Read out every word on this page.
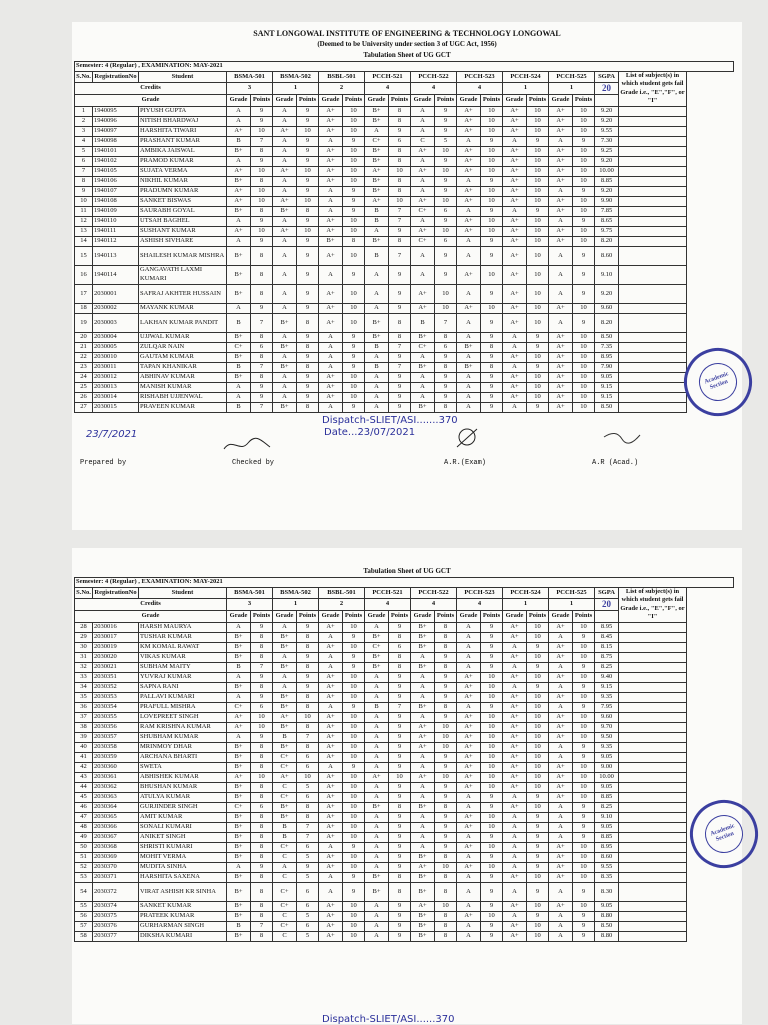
SANT LONGOWAL INSTITUTE OF ENGINEERING & TECHNOLOGY LONGOWAL
(Deemed to be University under section 3 of UGC Act, 1956)
Tabulation Sheet of UG GCT
Semester: 4 (Regular) , EXAMINATION: MAY-2021																				
S.No.	RegistrationNo	Student	BSMA-501		BSMA-502		BSBL-501		PCCH-521		PCCH-522		PCCH-523		PCCH-524		PCCH-525		SGPA	List of subject(s) in which student gets fail Grade i.e., "E","F", or "I"
Credits			3		1		2		4		4		4		1		1		20	
Grade			Grade	Points	Grade	Points	Grade	Points	Grade	Points	Grade	Points	Grade	Points	Grade	Points	Grade	Points		
1	1940095	PIYUSH GUPTA	A	9	A	9	A+	10	B+	8	A	9	A+	10	A+	10	A+	10	9.20	
2	1940096	NITISH BHARDWAJ	A	9	A	9	A+	10	B+	8	A	9	A+	10	A+	10	A+	10	9.20	
3	1940097	HARSHITA TIWARI	A+	10	A+	10	A+	10	A	9	A	9	A+	10	A+	10	A+	10	9.55	
4	1940098	PRASHANT KUMAR	B	7	A	9	A	9	C+	6	C	5	A	9	A	9	A	9	7.30	
5	1940101	AMBIKA JAISWAL	B+	8	A	9	A+	10	B+	8	A+	10	A+	10	A+	10	A+	10	9.25	
6	1940102	PRAMOD KUMAR	A	9	A	9	A+	10	B+	8	A	9	A+	10	A+	10	A+	10	9.20	
7	1940105	SUJATA VERMA	A+	10	A+	10	A+	10	A+	10	A+	10	A+	10	A+	10	A+	10	10.00	
8	1940106	NIKHIL KUMAR	B+	8	A	9	A+	10	B+	8	A	9	A	9	A+	10	A+	10	8.85	
9	1940107	PRADUMN KUMAR	A+	10	A	9	A	9	B+	8	A	9	A+	10	A+	10	A	9	9.20	
10	1940108	SANKET BISWAS	A+	10	A+	10	A	9	A+	10	A+	10	A+	10	A+	10	A+	10	9.90	
11	1940109	SAURABH GOYAL	B+	8	B+	8	A	9	B	7	C+	6	A	9	A	9	A+	10	7.85	
12	1940110	UTSAH BAGHEL	A	9	A	9	A+	10	B	7	A	9	A+	10	A+	10	A	9	8.65	
13	1940111	SUSHANT KUMAR	A+	10	A+	10	A+	10	A	9	A+	10	A+	10	A+	10	A+	10	9.75	
14	1940112	ASHISH SIVHARE	A	9	A	9	B+	8	B+	8	C+	6	A	9	A+	10	A+	10	8.20	
15	1940113	SHAILESH KUMAR MISHRA	B+	8	A	9	A+	10	B	7	A	9	A	9	A+	10	A	9	8.60	
16	1940114	GANGAVATH LAXMI KUMARI	B+	8	A	9	A	9	A	9	A	9	A+	10	A+	10	A	9	9.10	
17	2030001	SAFRAJ AKHTER HUSSAIN	B+	8	A	9	A+	10	A	9	A+	10	A	9	A+	10	A	9	9.20	
18	2030002	MAYANK KUMAR	A	9	A	9	A+	10	A	9	A+	10	A+	10	A+	10	A+	10	9.60	
19	2030003	LAKHAN KUMAR PANDIT	B	7	B+	8	A+	10	B+	8	B	7	A	9	A+	10	A	9	8.20	
20	2030004	UJJWAL KUMAR	B+	8	A	9	A	9	B+	8	B+	8	A	9	A	9	A+	10	8.50	
21	2030005	ZULQAR NAIN	C+	6	B+	8	A	9	B	7	C+	6	B+	8	A	9	A+	10	7.35	
22	2030010	GAUTAM KUMAR	B+	8	A	9	A	9	A	9	A	9	A	9	A+	10	A+	10	8.95	
23	2030011	TAPAN KHANIKAR	B	7	B+	8	A	9	B	7	B+	8	B+	8	A	9	A+	10	7.90	
24	2030012	ABHINAV KUMAR	B+	8	A	9	A+	10	A	9	A	9	A	9	A+	10	A+	10	9.05	
25	2030013	MANISH KUMAR	A	9	A	9	A+	10	A	9	A	9	A	9	A+	10	A+	10	9.15	
26	2030014	RISHABH UJJENWAL	A	9	A	9	A+	10	A	9	A	9	A	9	A+	10	A+	10	9.15	
27	2030015	PRAVEEN KUMAR	B	7	B+	8	A	9	A	9	B+	8	A	9	A	9	A+	10	8.50	
Dispatch-SLIET/ASI.......370
Date...23/07/2021
23/7/2021
Prepared by	Checked by	A.R.(Exam)	A.R (Acad.)
Academic Section
Tabulation Sheet of UG GCT
Semester: 4 (Regular) , EXAMINATION: MAY-2021																				
S.No.	RegistrationNo	Student	BSMA-501		BSMA-502		BSBL-501		PCCH-521		PCCH-522		PCCH-523		PCCH-524		PCCH-525		SGPA	List of subject(s) in which student gets fail Grade i.e., "E","F", or "I"
Credits			3		1		2		4		4		4		1		1		20	
Grade			Grade	Points	Grade	Points	Grade	Points	Grade	Points	Grade	Points	Grade	Points	Grade	Points	Grade	Points		
28	2030016	HARSH MAURYA	A	9	A	9	A+	10	A	9	B+	8	A	9	A+	10	A+	10	8.95	
29	2030017	TUSHAR KUMAR	B+	8	B+	8	A	9	B+	8	B+	8	A	9	A+	10	A	9	8.45	
30	2030019	KM KOMAL RAWAT	B+	8	B+	8	A+	10	C+	6	B+	8	A	9	A	9	A+	10	8.15	
31	2030020	VIKAS KUMAR	B+	8	A	9	A	9	B+	8	A	9	A	9	A+	10	A+	10	8.75	
32	2030021	SUBHAM MAITY	B	7	B+	8	A	9	B+	8	B+	8	A	9	A	9	A	9	8.25	
33	2030351	YUVRAJ KUMAR	A	9	A	9	A+	10	A	9	A	9	A+	10	A+	10	A+	10	9.40	
34	2030352	SAPNA RANI	B+	8	A	9	A+	10	A	9	A	9	A+	10	A	9	A	9	9.15	
35	2030353	PALLAVI KUMARI	A	9	B+	8	A+	10	A	9	A	9	A+	10	A+	10	A+	10	9.35	
36	2030354	PRAFULL MISHRA	C+	6	B+	8	A	9	B	7	B+	8	A	9	A+	10	A	9	7.95	
37	2030355	LOVEPREET SINGH	A+	10	A+	10	A+	10	A	9	A	9	A+	10	A+	10	A+	10	9.60	
38	2030356	RAM KRISHNA KUMAR	A+	10	B+	8	A+	10	A	9	A+	10	A+	10	A+	10	A+	10	9.70	
39	2030357	SHUBHAM KUMAR	A	9	B	7	A+	10	A	9	A+	10	A+	10	A+	10	A+	10	9.50	
40	2030358	MRINMOY DHAR	B+	8	B+	8	A+	10	A	9	A+	10	A+	10	A+	10	A	9	9.35	
41	2030359	ARCHANA BHARTI	B+	8	C+	6	A+	10	A	9	A	9	A+	10	A+	10	A	9	9.05	
42	2030360	SWETA	B+	8	C+	6	A	9	A	9	A	9	A+	10	A+	10	A+	10	9.00	
43	2030361	ABHISHEK KUMAR	A+	10	A+	10	A+	10	A+	10	A+	10	A+	10	A+	10	A+	10	10.00	
44	2030362	BHUSHAN KUMAR	B+	8	C	5	A+	10	A	9	A	9	A+	10	A+	10	A+	10	9.05	
45	2030363	ATULYA KUMAR	B+	8	C+	6	A+	10	A	9	A	9	A	9	A	9	A+	10	8.85	
46	2030364	GURJINDER SINGH	C+	6	B+	8	A+	10	B+	8	B+	8	A	9	A+	10	A	9	8.25	
47	2030365	AMIT KUMAR	B+	8	B+	8	A+	10	A	9	A	9	A+	10	A	9	A	9	9.10	
48	2030366	SONALI KUMARI	B+	8	B	7	A+	10	A	9	A	9	A+	10	A	9	A	9	9.05	
49	2030367	ANIKET SINGH	B+	8	B	7	A+	10	A	9	A	9	A	9	A	9	A	9	8.85	
50	2030368	SHRISTI KUMARI	B+	8	C+	6	A	9	A	9	A	9	A+	10	A	9	A+	10	8.95	
51	2030369	MOHIT VERMA	B+	8	C	5	A+	10	A	9	B+	8	A	9	A	9	A+	10	8.60	
52	2030370	MUDITA SINHA	A	9	A	9	A+	10	A	9	A+	10	A+	10	A	9	A+	10	9.55	
53	2030371	HARSHITA SAXENA	B+	8	C	5	A	9	B+	8	B+	8	A	9	A+	10	A+	10	8.35	
54	2030372	VIRAT ASHISH KR SINHA	B+	8	C+	6	A	9	B+	8	B+	8	A	9	A	9	A	9	8.30	
55	2030374	SANKET KUMAR	B+	8	C+	6	A+	10	A	9	A+	10	A	9	A+	10	A+	10	9.05	
56	2030375	PRATEEK KUMAR	B+	8	C	5	A+	10	A	9	B+	8	A+	10	A	9	A	9	8.80	
57	2030376	GURHARMAN SINGH	B	7	C+	6	A+	10	A	9	B+	8	A	9	A+	10	A	9	8.50	
58	2030377	DIKSHA KUMARI	B+	8	C	5	A+	10	A	9	B+	8	A	9	A+	10	A	9	8.80	
Dispatch-SLIET/ASI......370
Academic Section
